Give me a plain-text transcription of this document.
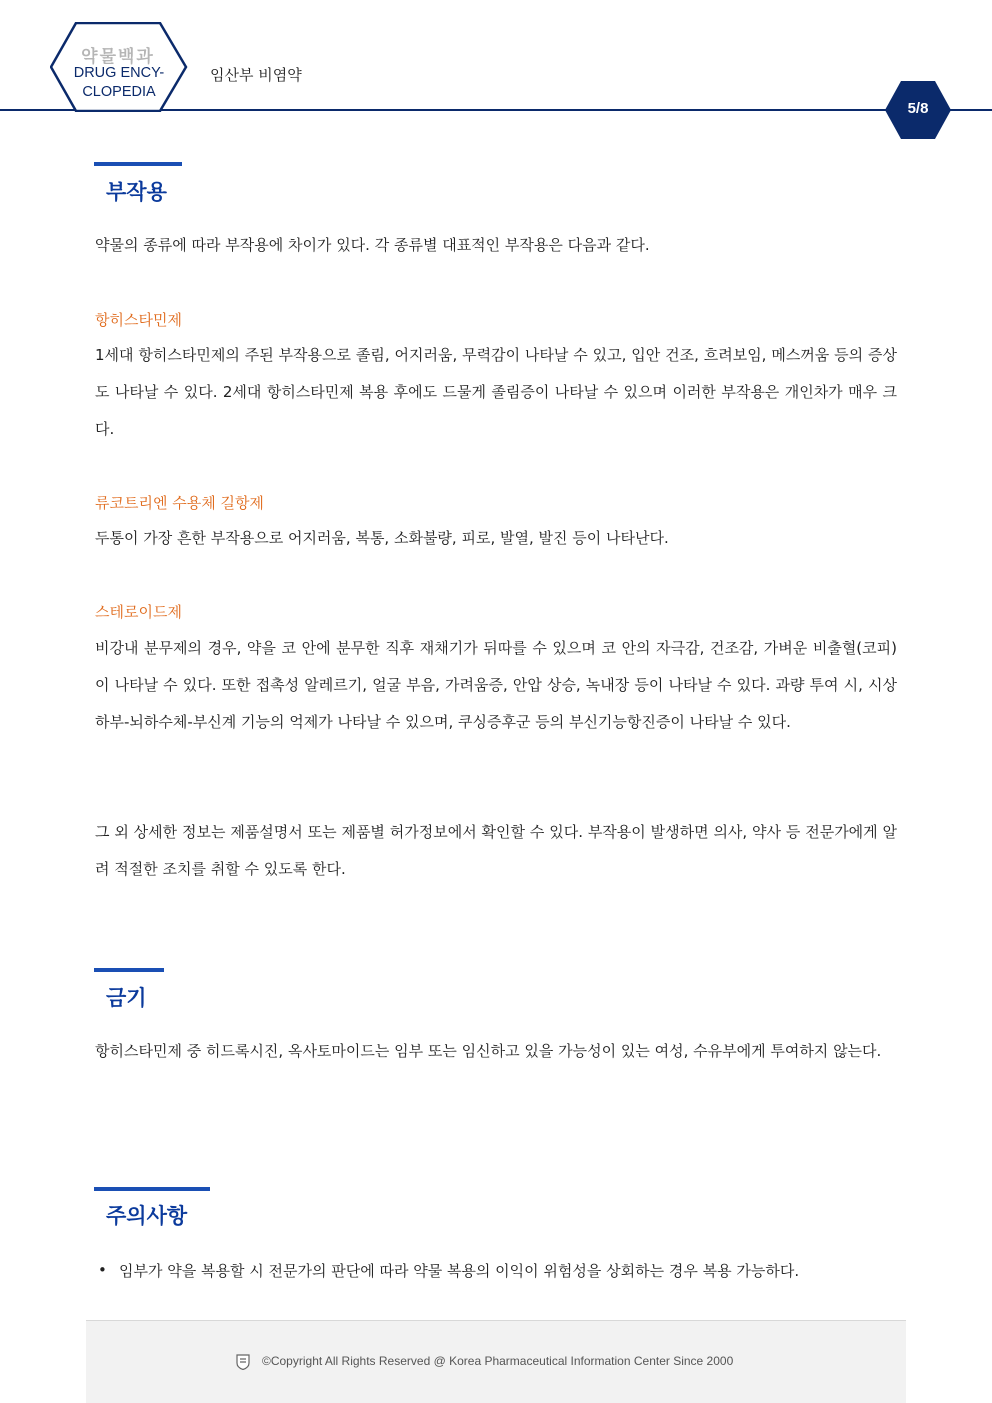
약물백과
DRUG ENCY-
CLOPEDIA
임산부 비염약
5/8
부작용
약물의 종류에 따라 부작용에 차이가 있다. 각 종류별 대표적인 부작용은 다음과 같다.
항히스타민제
1세대 항히스타민제의 주된 부작용으로 졸림, 어지러움, 무력감이 나타날 수 있고, 입안 건조, 흐려보임, 메스꺼움 등의 증상도 나타날 수 있다. 2세대 항히스타민제 복용 후에도 드물게 졸림증이 나타날 수 있으며 이러한 부작용은 개인차가 매우 크다.
류코트리엔 수용체 길항제
두통이 가장 흔한 부작용으로 어지러움, 복통, 소화불량, 피로, 발열, 발진 등이 나타난다.
스테로이드제
비강내 분무제의 경우, 약을 코 안에 분무한 직후 재채기가 뒤따를 수 있으며 코 안의 자극감, 건조감, 가벼운 비출혈(코피)이 나타날 수 있다. 또한 접촉성 알레르기, 얼굴 부음, 가려움증, 안압 상승, 녹내장 등이 나타날 수 있다. 과량 투여 시, 시상하부-뇌하수체-부신계 기능의 억제가 나타날 수 있으며, 쿠싱증후군 등의 부신기능항진증이 나타날 수 있다.
그 외 상세한 정보는 제품설명서 또는 제품별 허가정보에서 확인할 수 있다. 부작용이 발생하면 의사, 약사 등 전문가에게 알려 적절한 조치를 취할 수 있도록 한다.
금기
항히스타민제 중 히드록시진, 옥사토마이드는 임부 또는 임신하고 있을 가능성이 있는 여성, 수유부에게 투여하지 않는다.
주의사항
• 임부가 약을 복용할 시 전문가의 판단에 따라 약물 복용의 이익이 위험성을 상회하는 경우 복용 가능하다.
©Copyright All Rights Reserved @ Korea Pharmaceutical Information Center Since 2000
